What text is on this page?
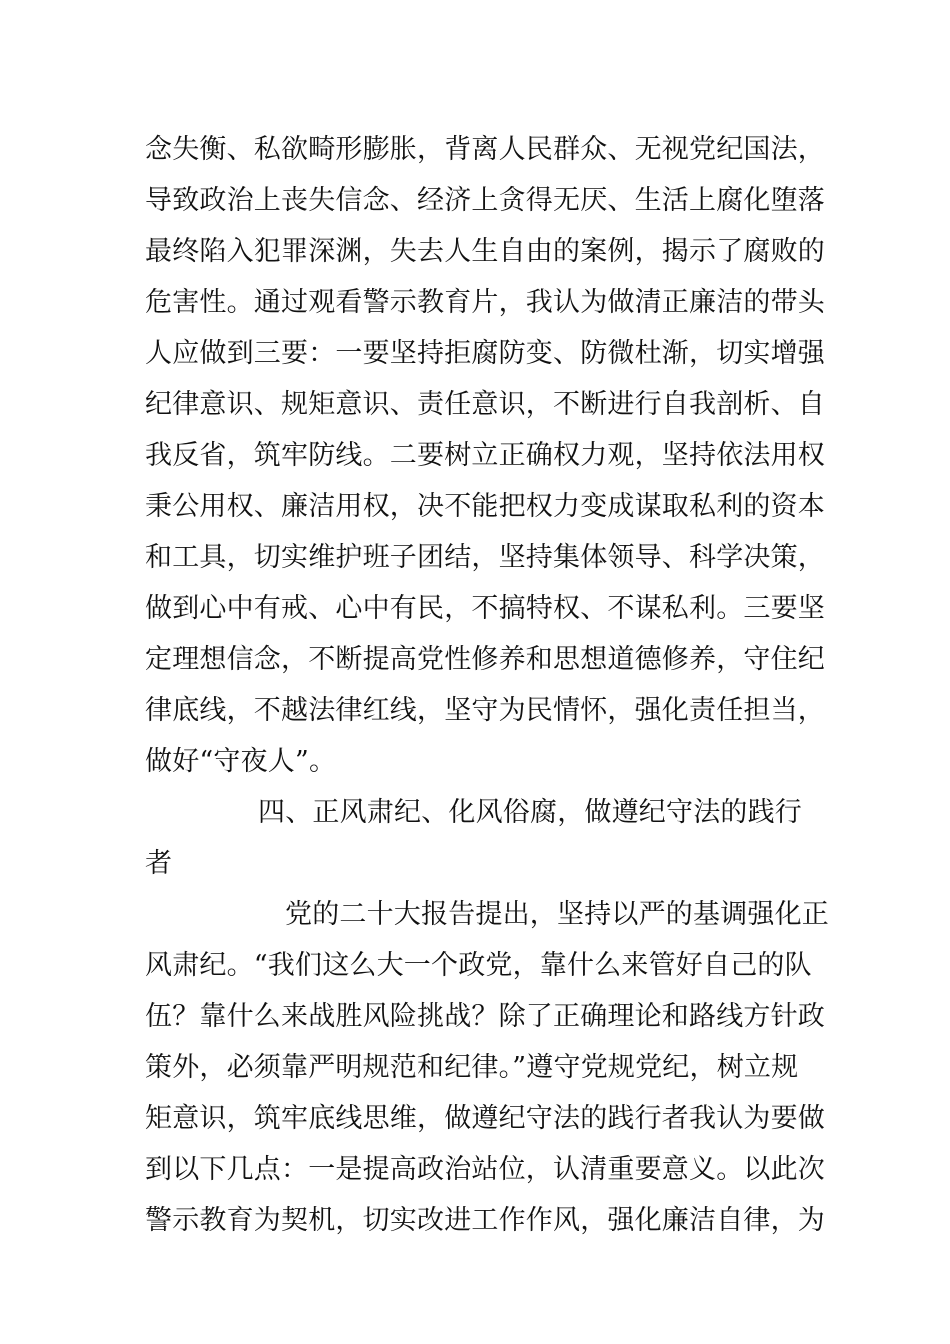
念失衡、私欲畸形膨胀，背离人民群众、无视党纪国法，
导致政治上丧失信念、经济上贪得无厌、生活上腐化堕落
最终陷入犯罪深渊，失去人生自由的案例，揭示了腐败的
危害性。通过观看警示教育片，我认为做清正廉洁的带头
人应做到三要：一要坚持拒腐防变、防微杜渐，切实增强
纪律意识、规矩意识、责任意识，不断进行自我剖析、自
我反省，筑牢防线。二要树立正确权力观，坚持依法用权
秉公用权、廉洁用权，决不能把权力变成谋取私利的资本
和工具，切实维护班子团结，坚持集体领导、科学决策，
做到心中有戒、心中有民，不搞特权、不谋私利。三要坚
定理想信念，不断提高党性修养和思想道德修养，守住纪
律底线，不越法律红线，坚守为民情怀，强化责任担当，
做好“守夜人”。
四、正风肃纪、化风俗腐，做遵纪守法的践行
者
党的二十大报告提出，坚持以严的基调强化正
风肃纪。“我们这么大一个政党，靠什么来管好自己的队
伍？靠什么来战胜风险挑战？除了正确理论和路线方针政
策外，必须靠严明规范和纪律。”遵守党规党纪，树立规
矩意识，筑牢底线思维，做遵纪守法的践行者我认为要做
到以下几点：一是提高政治站位，认清重要意义。以此次
警示教育为契机，切实改进工作作风，强化廉洁自律，为
